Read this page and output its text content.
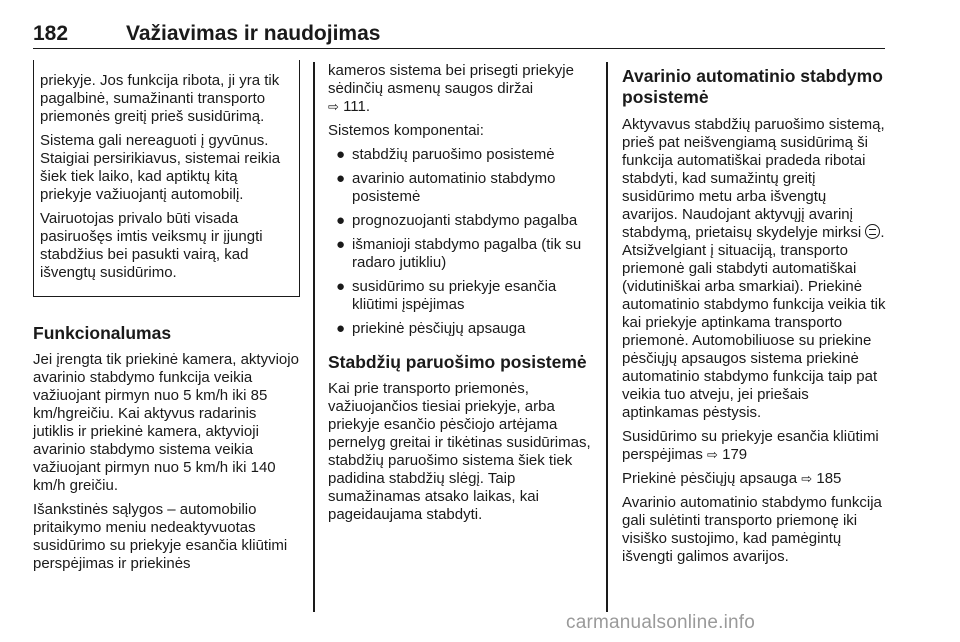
182	Važiavimas ir naudojimas

priekyje. Jos funkcija ribota, ji yra tik pagalbinė, sumažinanti transporto priemonės greitį prieš susidūrimą.

Sistema gali nereaguoti į gyvūnus. Staigiai persirikiavus, sistemai reikia šiek tiek laiko, kad aptiktų kitą priekyje važiuojantį automobilį.

Vairuotojas privalo būti visada pasiruošęs imtis veiksmų ir įjungti stabdžius bei pasukti vairą, kad išvengtų susidūrimo.

Funkcionalumas

Jei įrengta tik priekinė kamera, aktyviojo avarinio stabdymo funkcija veikia važiuojant pirmyn nuo 5 km/h iki 85 km/hgreičiu. Kai aktyvus radarinis jutiklis ir priekinė kamera, aktyvioji avarinio stabdymo sistema veikia važiuojant pirmyn nuo 5 km/h iki 140 km/h greičiu.

Išankstinės sąlygos – automobilio pritaikymo meniu nedeaktyvuotas susidūrimo su priekyje esančia kliūtimi perspėjimas ir priekinės

kameros sistema bei prisegti priekyje sėdinčių asmenų saugos diržai
⇨ 111.

Sistemos komponentai:

● stabdžių paruošimo posistemė
● avarinio automatinio stabdymo posistemė
● prognozuojanti stabdymo pagalba
● išmanioji stabdymo pagalba (tik su radaro jutikliu)
● susidūrimo su priekyje esančia kliūtimi įspėjimas
● priekinė pėsčiųjų apsauga
Stabdžių paruošimo posistemė

Kai prie transporto priemonės, važiuojančios tiesiai priekyje, arba priekyje esančio pėsčiojo artėjama pernelyg greitai ir tikėtinas susidūrimas, stabdžių paruošimo sistema šiek tiek padidina stabdžių slėgį. Taip sumažinamas atsako laikas, kai pageidaujama stabdyti.

Avarinio automatinio stabdymo posistemė

Aktyvavus stabdžių paruošimo sistemą, prieš pat neišvengiamą susidūrimą ši funkcija automatiškai pradeda ribotai stabdyti, kad sumažintų greitį susidūrimo metu arba išvengtų avarijos. Naudojant aktyvųjį avarinį stabdymą, prietaisų skydelyje mirksi . Atsižvelgiant į situaciją, transporto priemonė gali stabdyti automatiškai (vidutiniškai arba smarkiai). Priekinė automatinio stabdymo funkcija veikia tik kai priekyje aptinkama transporto priemonė. Automobiliuose su priekine pėsčiųjų apsaugos sistema priekinė automatinio stabdymo funkcija taip pat veikia tuo atveju, jei priešais aptinkamas pėstysis.

Susidūrimo su priekyje esančia kliūtimi perspėjimas ⇨ 179

Priekinė pėsčiųjų apsauga ⇨ 185

Avarinio automatinio stabdymo funkcija gali sulėtinti transporto priemonę iki visiško sustojimo, kad pamėgintų išvengti galimos avarijos.

carmanualsonline.info
